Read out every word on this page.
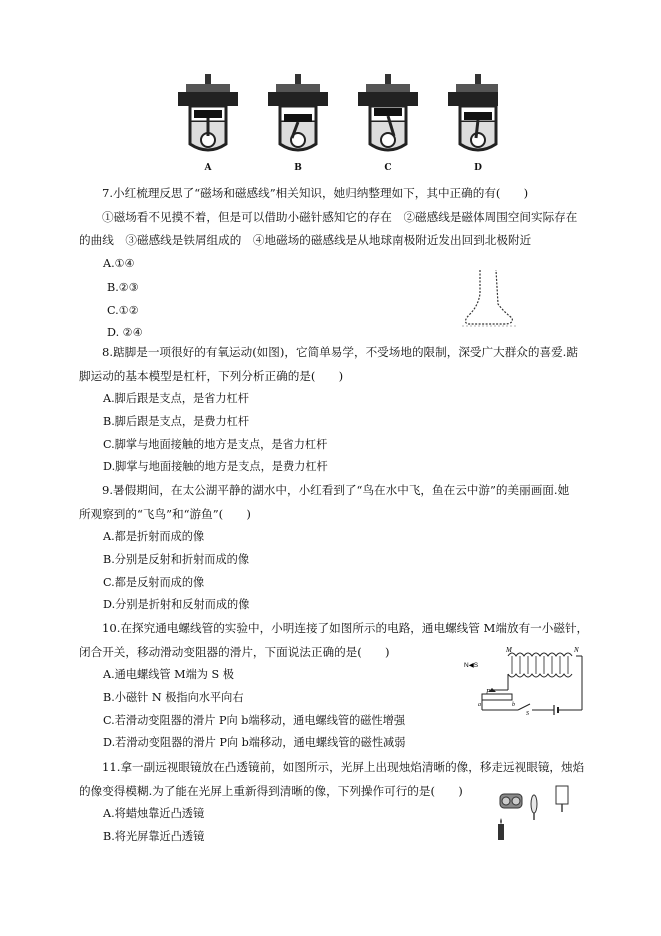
A	B	C	D
7.小红梳理反思了“磁场和磁感线”相关知识，她归纳整理如下，其中正确的有(　　)
①磁场看不见摸不着，但是可以借助小磁针感知它的存在　②磁感线是磁体周围空间实际存在
的曲线　③磁感线是铁屑组成的　④地磁场的磁感线是从地球南极附近发出回到北极附近
A.①④
B.②③
C.①②
D. ②④
8.踮脚是一项很好的有氧运动(如图)，它简单易学，不受场地的限制，深受广大群众的喜爱.踮
脚运动的基本模型是杠杆，下列分析正确的是(　　)
A.脚后跟是支点，是省力杠杆
B.脚后跟是支点，是费力杠杆
C.脚掌与地面接触的地方是支点，是省力杠杆
D.脚掌与地面接触的地方是支点，是费力杠杆
9.暑假期间，在太公湖平静的湖水中，小红看到了“鸟在水中飞，鱼在云中游”的美丽画面.她
所观察到的“飞鸟”和“游鱼”(　　)
A.都是折射而成的像
B.分别是反射和折射而成的像
C.都是反射而成的像
D.分别是折射和反射而成的像
10.在探究通电螺线管的实验中，小明连接了如图所示的电路，通电螺线管 M端放有一小磁针，
闭合开关，移动滑动变阻器的滑片，下面说法正确的是(　　)
A.通电螺线管 M端为 S 极
B.小磁针 N 极指向水平向右
C.若滑动变阻器的滑片 P向 b端移动，通电螺线管的磁性增强
D.若滑动变阻器的滑片 P向 b端移动，通电螺线管的磁性减弱
M	N
N◀S
P
a	b
S
11.拿一副远视眼镜放在凸透镜前，如图所示，光屏上出现烛焰清晰的像，移走远视眼镜，烛焰
的像变得模糊.为了能在光屏上重新得到清晰的像，下列操作可行的是(　　)
A.将蜡烛靠近凸透镜
B.将光屏靠近凸透镜
